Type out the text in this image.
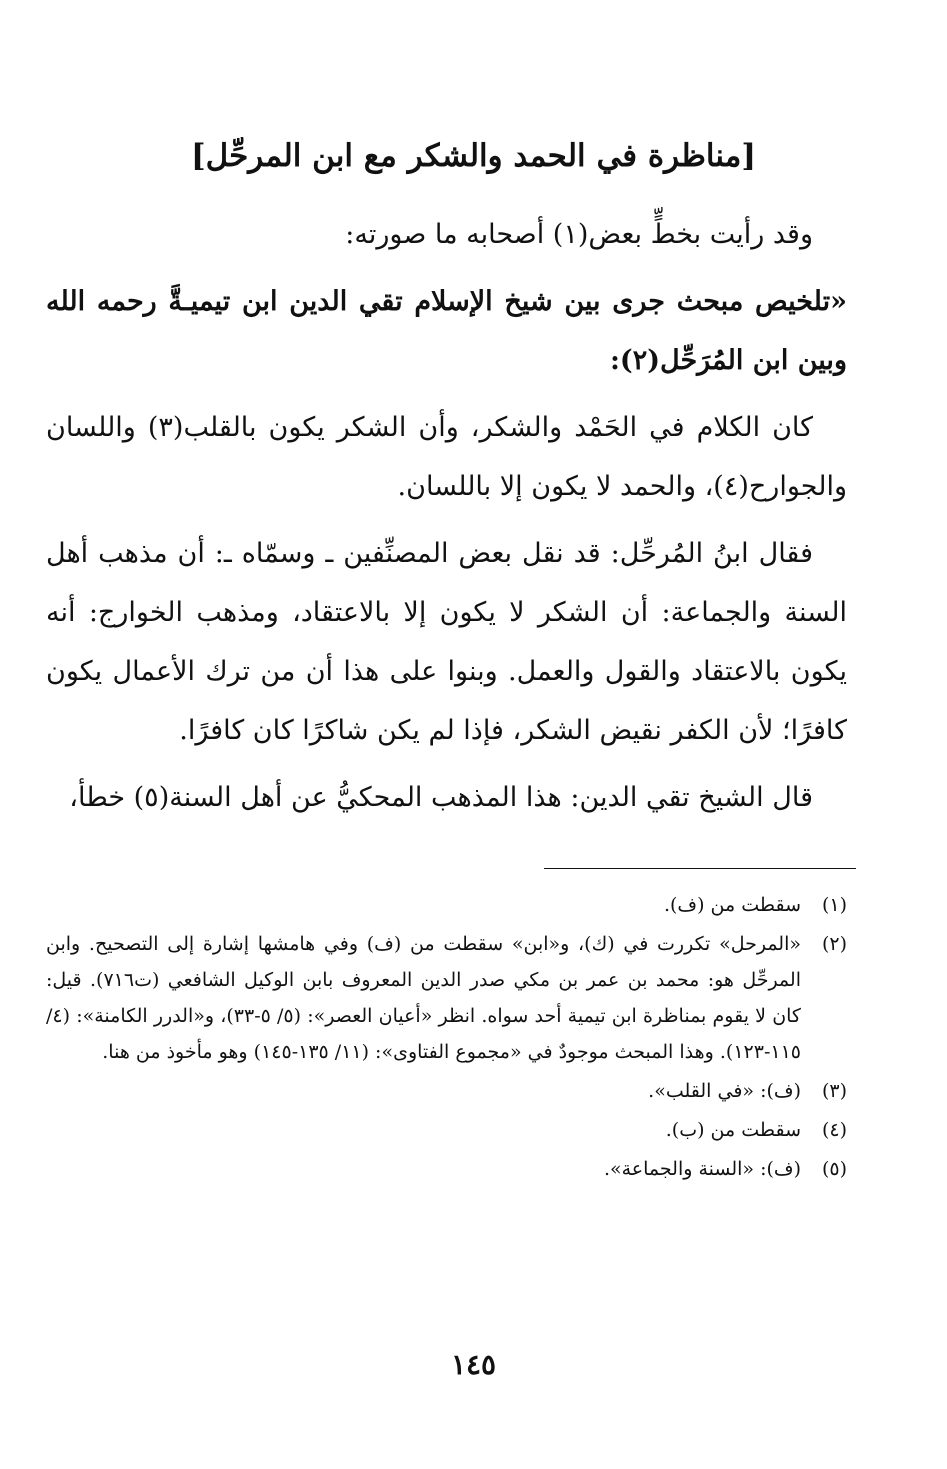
[مناظرة في الحمد والشكر مع ابن المرحِّل]

وقد رأيت بخطٍّ بعض(١) أصحابه ما صورته:

«تلخيص مبحث جرى بين شيخ الإسلام تقي الدين ابن تيميـةَّ رحمه الله وبين ابن المُرَحِّل(٢):

كان الكلام في الحَمْد والشكر، وأن الشكر يكون بالقلب(٣) واللسان والجوارح(٤)، والحمد لا يكون إلا باللسان.

فقال ابنُ المُرحِّل: قد نقل بعض المصنِّفين ـ وسمّاه ـ: أن مذهب أهل السنة والجماعة: أن الشكر لا يكون إلا بالاعتقاد، ومذهب الخوارج: أنه يكون بالاعتقاد والقول والعمل. وبنوا على هذا أن من ترك الأعمال يكون كافرًا؛ لأن الكفر نقيض الشكر، فإذا لم يكن شاكرًا كان كافرًا.

قال الشيخ تقي الدين: هذا المذهب المحكيُّ عن أهل السنة(٥) خطأ،

(١)
سقطت من (ف).
(٢)
«المرحل» تكررت في (ك)، و«ابن» سقطت من (ف) وفي هامشها إشارة إلى التصحيح. وابن المرحِّل هو: محمد بن عمر بن مكي صدر الدين المعروف بابن الوكيل الشافعي (ت٧١٦). قيل: كان لا يقوم بمناظرة ابن تيمية أحد سواه. انظر «أعيان العصر»: (٥/ ٥-٣٣)، و«الدرر الكامنة»: (٤/ ١١٥-١٢٣). وهذا المبحث موجودٌ في «مجموع الفتاوى»: (١١/ ١٣٥-١٤٥) وهو مأخوذ من هنا.
(٣)
(ف): «في القلب».
(٤)
سقطت من (ب).
(٥)
(ف): «السنة والجماعة».
١٤٥
